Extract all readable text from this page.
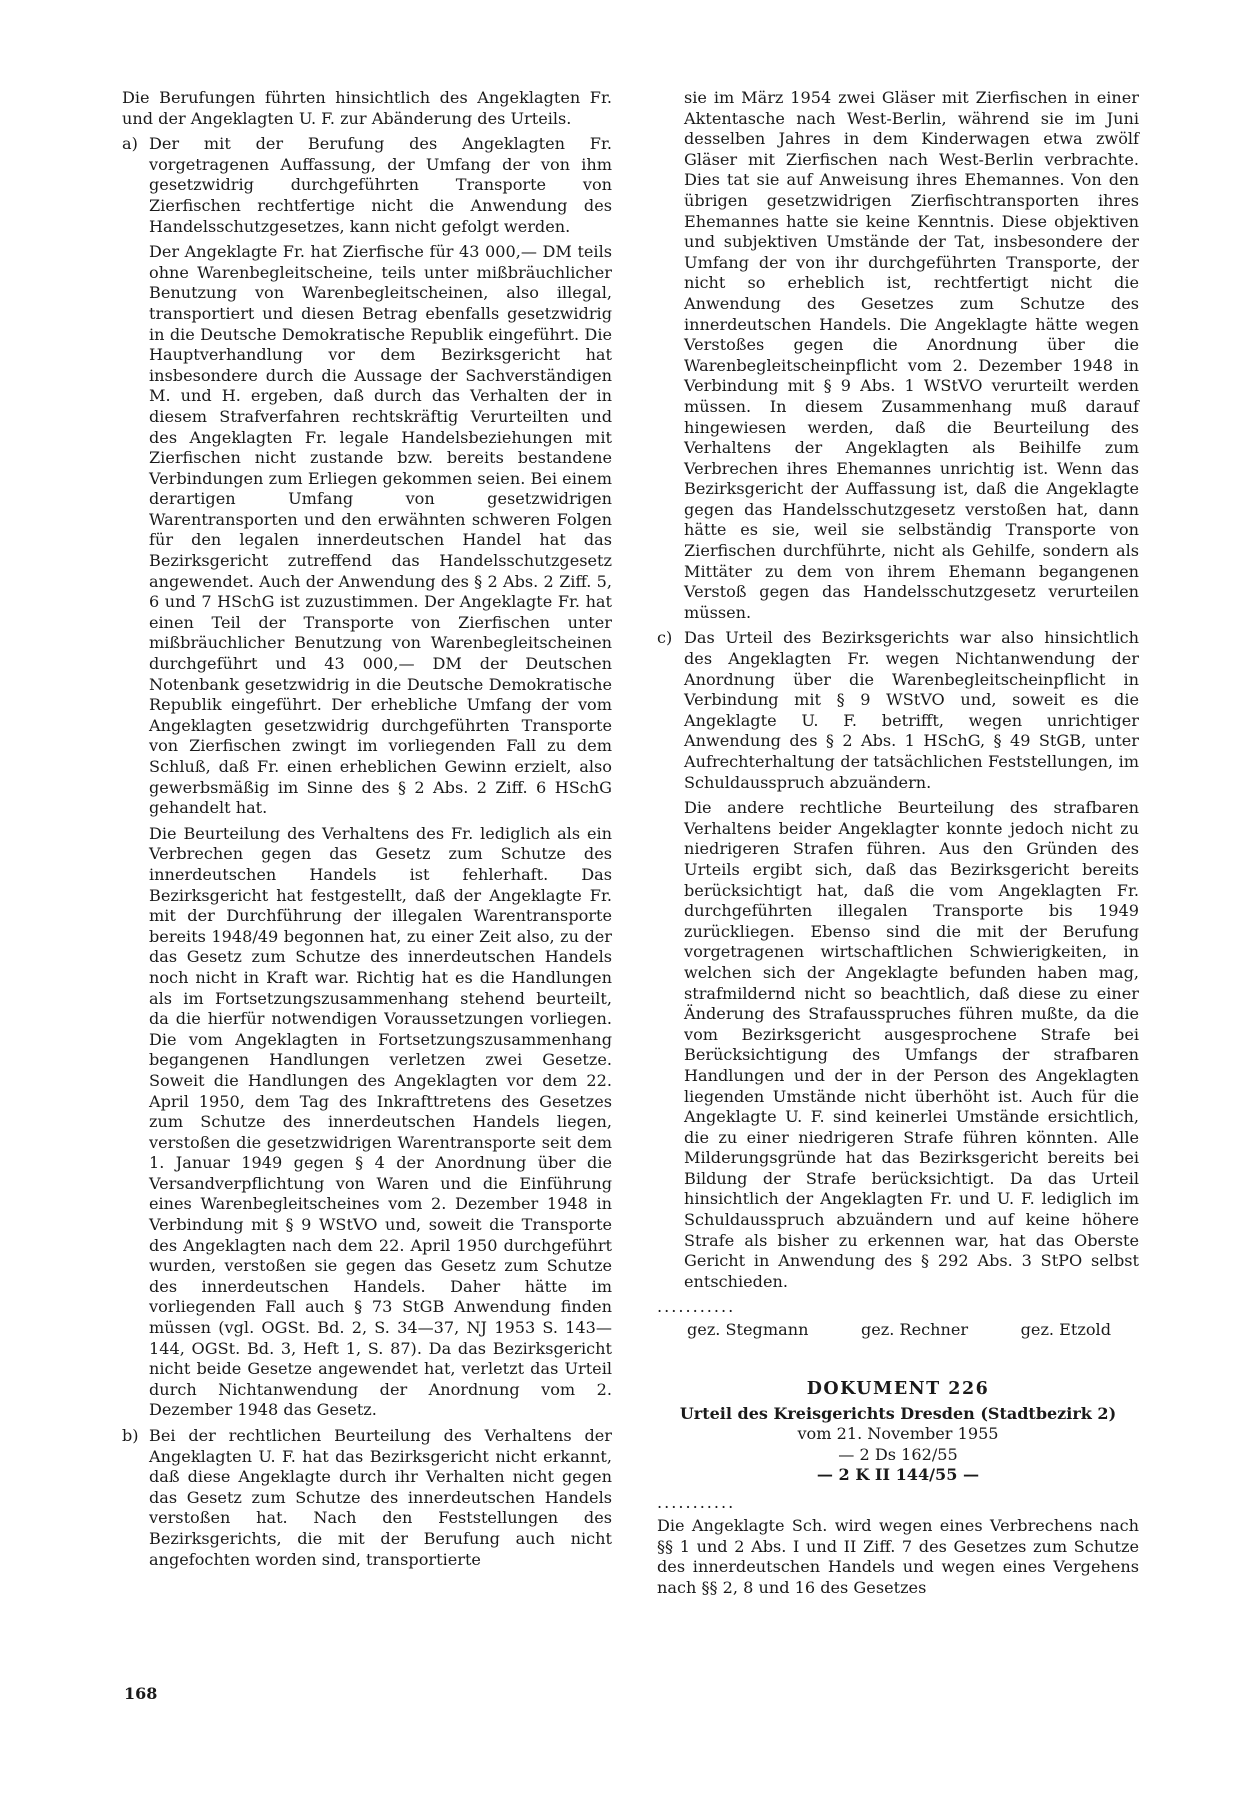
Die Berufungen führten hinsichtlich des Angeklagten Fr. und der Angeklagten U. F. zur Abänderung des Urteils.

a) Der mit der Berufung des Angeklagten Fr. vorgetragenen Auffassung, der Umfang der von ihm gesetzwidrig durchgeführten Transporte von Zierfischen rechtfertige nicht die Anwendung des Handelsschutzgesetzes, kann nicht gefolgt werden.

Der Angeklagte Fr. hat Zierfische für 43 000,— DM teils ohne Warenbegleitscheine, teils unter mißbräuchlicher Benutzung von Warenbegleitscheinen, also illegal, transportiert und diesen Betrag ebenfalls gesetzwidrig in die Deutsche Demokratische Republik eingeführt. Die Hauptverhandlung vor dem Bezirksgericht hat insbesondere durch die Aussage der Sachverständigen M. und H. ergeben, daß durch das Verhalten der in diesem Strafverfahren rechtskräftig Verurteilten und des Angeklagten Fr. legale Handelsbeziehungen mit Zierfischen nicht zustande bzw. bereits bestandene Verbindungen zum Erliegen gekommen seien. Bei einem derartigen Umfang von gesetzwidrigen Warentransporten und den erwähnten schweren Folgen für den legalen innerdeutschen Handel hat das Bezirksgericht zutreffend das Handelsschutzgesetz angewendet. Auch der Anwendung des § 2 Abs. 2 Ziff. 5, 6 und 7 HSchG ist zuzustimmen. Der Angeklagte Fr. hat einen Teil der Transporte von Zierfischen unter mißbräuchlicher Benutzung von Warenbegleitscheinen durchgeführt und 43 000,— DM der Deutschen Notenbank gesetzwidrig in die Deutsche Demokratische Republik eingeführt. Der erhebliche Umfang der vom Angeklagten gesetzwidrig durchgeführten Transporte von Zierfischen zwingt im vorliegenden Fall zu dem Schluß, daß Fr. einen erheblichen Gewinn erzielt, also gewerbsmäßig im Sinne des § 2 Abs. 2 Ziff. 6 HSchG gehandelt hat.

Die Beurteilung des Verhaltens des Fr. lediglich als ein Verbrechen gegen das Gesetz zum Schutze des innerdeutschen Handels ist fehlerhaft. Das Bezirksgericht hat festgestellt, daß der Angeklagte Fr. mit der Durchführung der illegalen Warentransporte bereits 1948/49 begonnen hat, zu einer Zeit also, zu der das Gesetz zum Schutze des innerdeutschen Handels noch nicht in Kraft war. Richtig hat es die Handlungen als im Fortsetzungszusammenhang stehend beurteilt, da die hierfür notwendigen Voraussetzungen vorliegen. Die vom Angeklagten in Fortsetzungszusammenhang begangenen Handlungen verletzen zwei Gesetze. Soweit die Handlungen des Angeklagten vor dem 22. April 1950, dem Tag des Inkrafttretens des Gesetzes zum Schutze des innerdeutschen Handels liegen, verstoßen die gesetzwidrigen Warentransporte seit dem 1. Januar 1949 gegen § 4 der Anordnung über die Versandverpflichtung von Waren und die Einführung eines Warenbegleitscheines vom 2. Dezember 1948 in Verbindung mit § 9 WStVO und, soweit die Transporte des Angeklagten nach dem 22. April 1950 durchgeführt wurden, verstoßen sie gegen das Gesetz zum Schutze des innerdeutschen Handels. Daher hätte im vorliegenden Fall auch § 73 StGB Anwendung finden müssen (vgl. OGSt. Bd. 2, S. 34—37, NJ 1953 S. 143—144, OGSt. Bd. 3, Heft 1, S. 87). Da das Bezirksgericht nicht beide Gesetze angewendet hat, verletzt das Urteil durch Nichtanwendung der Anordnung vom 2. Dezember 1948 das Gesetz.

b) Bei der rechtlichen Beurteilung des Verhaltens der Angeklagten U. F. hat das Bezirksgericht nicht erkannt, daß diese Angeklagte durch ihr Verhalten nicht gegen das Gesetz zum Schutze des innerdeutschen Handels verstoßen hat. Nach den Feststellungen des Bezirksgerichts, die mit der Berufung auch nicht angefochten worden sind, transportierte

sie im März 1954 zwei Gläser mit Zierfischen in einer Aktentasche nach West-Berlin, während sie im Juni desselben Jahres in dem Kinderwagen etwa zwölf Gläser mit Zierfischen nach West-Berlin verbrachte. Dies tat sie auf Anweisung ihres Ehemannes. Von den übrigen gesetzwidrigen Zierfischtransporten ihres Ehemannes hatte sie keine Kenntnis. Diese objektiven und subjektiven Umstände der Tat, insbesondere der Umfang der von ihr durchgeführten Transporte, der nicht so erheblich ist, rechtfertigt nicht die Anwendung des Gesetzes zum Schutze des innerdeutschen Handels. Die Angeklagte hätte wegen Verstoßes gegen die Anordnung über die Warenbegleitscheinpflicht vom 2. Dezember 1948 in Verbindung mit § 9 Abs. 1 WStVO verurteilt werden müssen. In diesem Zusammenhang muß darauf hingewiesen werden, daß die Beurteilung des Verhaltens der Angeklagten als Beihilfe zum Verbrechen ihres Ehemannes unrichtig ist. Wenn das Bezirksgericht der Auffassung ist, daß die Angeklagte gegen das Handelsschutzgesetz verstoßen hat, dann hätte es sie, weil sie selbständig Transporte von Zierfischen durchführte, nicht als Gehilfe, sondern als Mittäter zu dem von ihrem Ehemann begangenen Verstoß gegen das Handelsschutzgesetz verurteilen müssen.

c) Das Urteil des Bezirksgerichts war also hinsichtlich des Angeklagten Fr. wegen Nichtanwendung der Anordnung über die Warenbegleitscheinpflicht in Verbindung mit § 9 WStVO und, soweit es die Angeklagte U. F. betrifft, wegen unrichtiger Anwendung des § 2 Abs. 1 HSchG, § 49 StGB, unter Aufrechterhaltung der tatsächlichen Feststellungen, im Schuldausspruch abzuändern.

Die andere rechtliche Beurteilung des strafbaren Verhaltens beider Angeklagter konnte jedoch nicht zu niedrigeren Strafen führen. Aus den Gründen des Urteils ergibt sich, daß das Bezirksgericht bereits berücksichtigt hat, daß die vom Angeklagten Fr. durchgeführten illegalen Transporte bis 1949 zurückliegen. Ebenso sind die mit der Berufung vorgetragenen wirtschaftlichen Schwierigkeiten, in welchen sich der Angeklagte befunden haben mag, strafmildernd nicht so beachtlich, daß diese zu einer Änderung des Strafausspruches führen mußte, da die vom Bezirksgericht ausgesprochene Strafe bei Berücksichtigung des Umfangs der strafbaren Handlungen und der in der Person des Angeklagten liegenden Umstände nicht überhöht ist. Auch für die Angeklagte U. F. sind keinerlei Umstände ersichtlich, die zu einer niedrigeren Strafe führen könnten. Alle Milderungsgründe hat das Bezirksgericht bereits bei Bildung der Strafe berücksichtigt. Da das Urteil hinsichtlich der Angeklagten Fr. und U. F. lediglich im Schuldausspruch abzuändern und auf keine höhere Strafe als bisher zu erkennen war, hat das Oberste Gericht in Anwendung des § 292 Abs. 3 StPO selbst entschieden.

...........
gez. Stegmann	gez. Rechner	gez. Etzold
DOKUMENT 226
Urteil des Kreisgerichts Dresden (Stadtbezirk 2)
vom 21. November 1955
— 2 Ds 162/55
— 2 K II 144/55 —
...........

Die Angeklagte Sch. wird wegen eines Verbrechens nach §§ 1 und 2 Abs. I und II Ziff. 7 des Gesetzes zum Schutze des innerdeutschen Handels und wegen eines Vergehens nach §§ 2, 8 und 16 des Gesetzes

168
